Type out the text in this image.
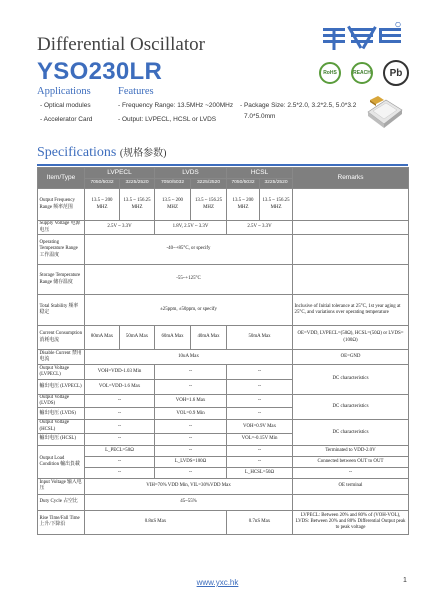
Differential Oscillator
YSO230LR	RoHS	REACH	Pb
Applications	Features
- Optical modules
- Accelerator Card
- Frequency Range: 13.5MHz ~200MHz
- Output: LVPECL, HCSL or LVDS
- Package Size: 2.5*2.0, 3.2*2.5, 5.0*3.2
7.0*5.0mm
Specifications (规格参数)
Item/Type	LVPECL		LVDS		HCSL		Remarks
	7050/5032	3225/2520	7050/5032	3225/2520	7050/5032	3225/2520	
Output Frequency Range 频率范围	13.5 ~ 200 MHZ	13.5 ~ 156.25 MHZ	13.5 ~ 200 MHZ	13.5 ~ 156.25 MHZ	13.5 ~ 200 MHZ	13.5 ~ 156.25 MHZ	
Supply Voltage 电源电压	2.5V ~ 3.3V		1.8V, 2.5V ~ 3.3V		2.5V ~ 3.3V		
Operating Temperature Range 工作温度	-40~+85°C, or specify						
Storage Temperature Range 储存温度	-55~+125°C						
Total Stability 频率稳定	±25ppm, ±50ppm, or specify						Inclusive of Initial tolerance at 25°C, 1st year aging at 25°C, and variations over operating temperature
Current Consumption 消耗电流	80mA Max	50mA Max	60mA Max	40mA Max	50mA Max		OE=VDD, LVPECL=(50Ω), HCSL=(50Ω) or LVDS=(100Ω)
Disable Current 禁用电流	10uA Max						OE=GND
Output Voltage (LVPECL)	VOH=VDD-1.03 Min		--		--		DC characteristics
輸出电压 (LVPECL)	VOL=VDD-1.6 Max		--		--		
Output Voltage (LVDS)	--		VOH=1.6 Max		--		DC characteristics
輸出电压 (LVDS)	--		VOL=0.9 Min		--		
Output Voltage (HCSL)	--		--		VOH=0.9V Max		DC characteristics
輸出电压 (HCSL)	--		--		VOL=-0.15V Min		
Output Load Condition 輸出負載	L_PECL=50Ω		--		--		Terminated to VDD-2.0V
	--		L_LVDS=100Ω		--		Connected between OUT to OUT
	--		--		L_HCSL=50Ω		--
Input Voltage 输入电压	VIH=70% VDD Min, VIL=30%VDD Max						OE terminal
Duty Cycle 占空比	45~55%						
Rise Time/Fall Time 上升/下降沿	0.8nS Max				0.7nS Max		LVPECL: Between 20% and 80% of (VOH-VOL), LVDS: Between 20% and 80% Differential Output peak to peak voltage
www.yxc.hk	1
